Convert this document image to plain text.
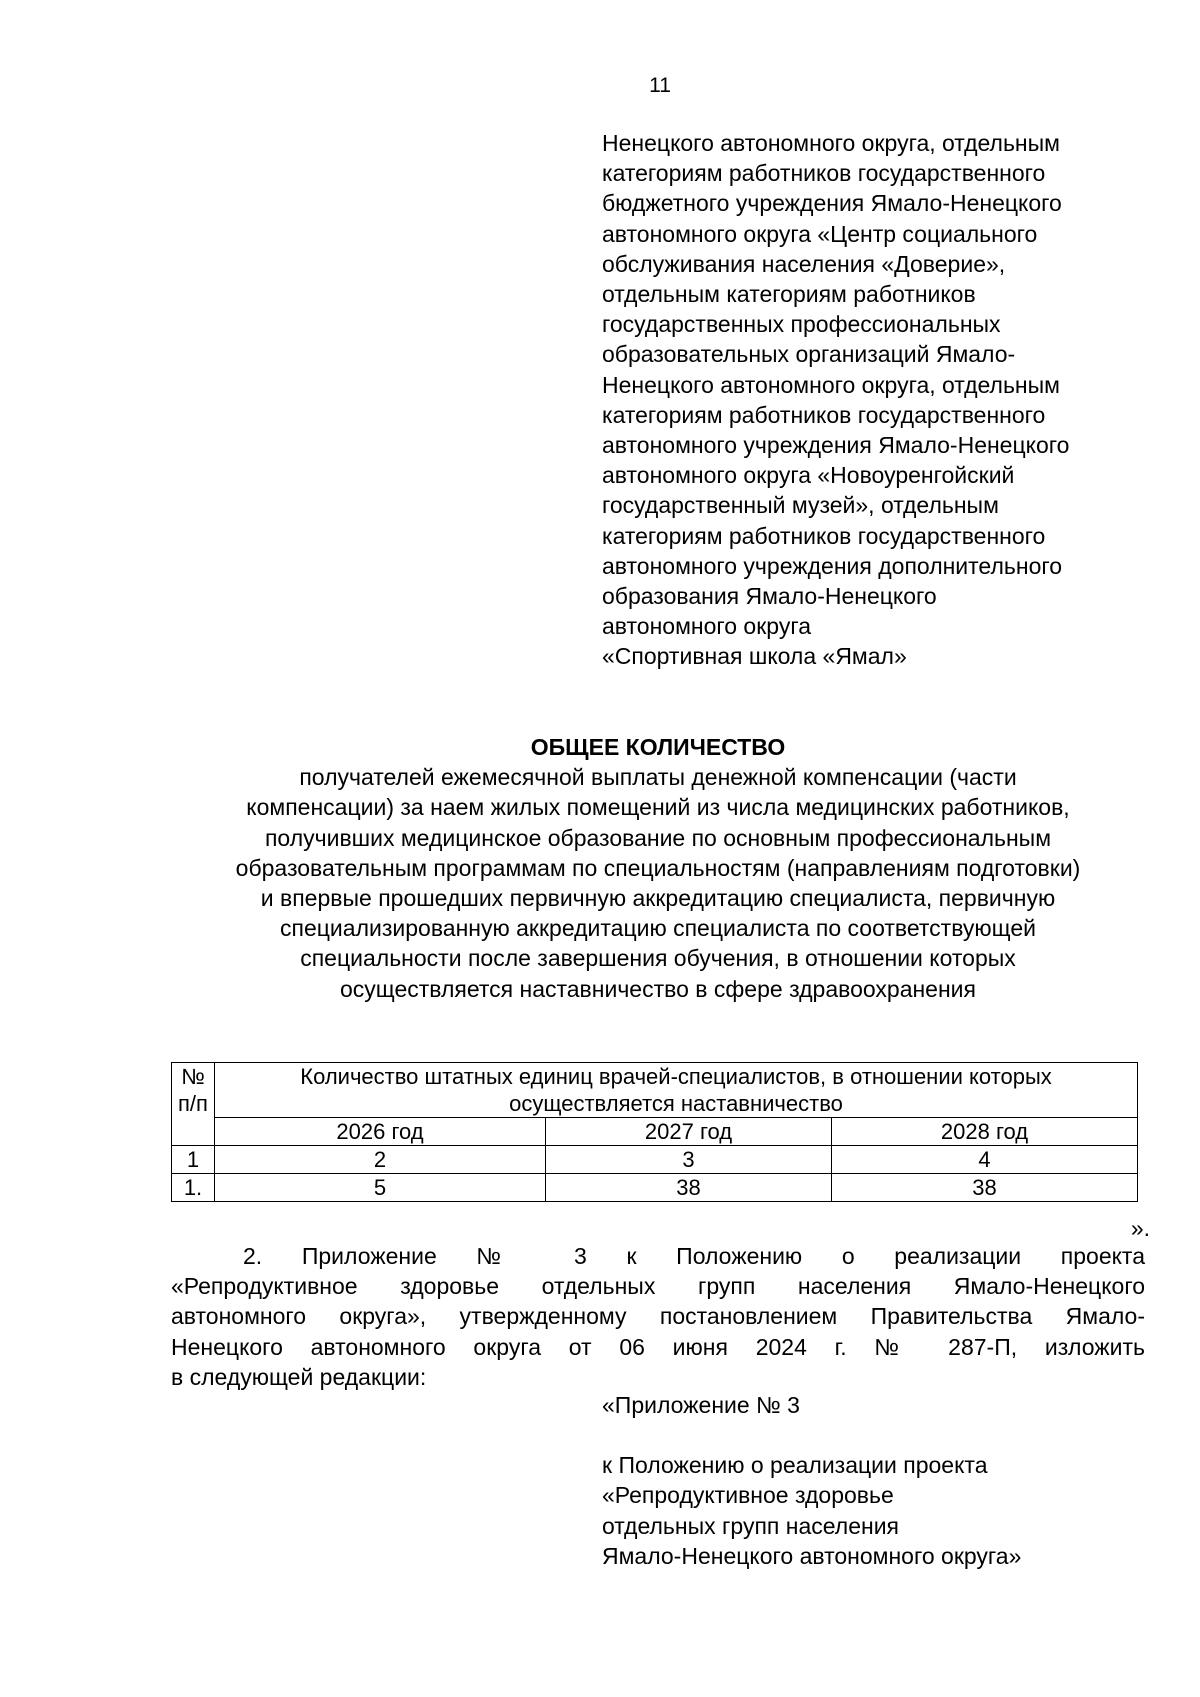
11
Ненецкого автономного округа, отдельным
категориям работников государственного
бюджетного учреждения Ямало-Ненецкого
автономного округа «Центр социального
обслуживания населения «Доверие»,
отдельным категориям работников
государственных профессиональных
образовательных организаций Ямало-
Ненецкого автономного округа, отдельным
категориям работников государственного
автономного учреждения Ямало-Ненецкого
автономного округа «Новоуренгойский
государственный музей», отдельным
категориям работников государственного
автономного учреждения дополнительного
образования Ямало-Ненецкого
автономного округа
«Спортивная школа «Ямал»
ОБЩЕЕ КОЛИЧЕСТВО
получателей ежемесячной выплаты денежной компенсации (части
компенсации) за наем жилых помещений из числа медицинских работников,
получивших медицинское образование по основным профессиональным
образовательным программам по специальностям (направлениям подготовки)
и впервые прошедших первичную аккредитацию специалиста, первичную
специализированную аккредитацию специалиста по соответствующей
специальности после завершения обучения, в отношении которых
осуществляется наставничество в сфере здравоохранения
№ п/п	Количество штатных единиц врачей-специалистов, в отношении которых осуществляется наставничество		
	2026 год	2027 год	2028 год
1	2	3	4
1.	5	38	38
».
2. Приложение № 3 к Положению о реализации проекта
«Репродуктивное здоровье отдельных групп населения Ямало-Ненецкого
автономного округа», утвержденному постановлением Правительства Ямало-
Ненецкого автономного округа от 06 июня 2024 г. № 287-П, изложить
в следующей редакции:
«Приложение № 3
к Положению о реализации проекта
«Репродуктивное здоровье
отдельных групп населения
Ямало-Ненецкого автономного округа»
